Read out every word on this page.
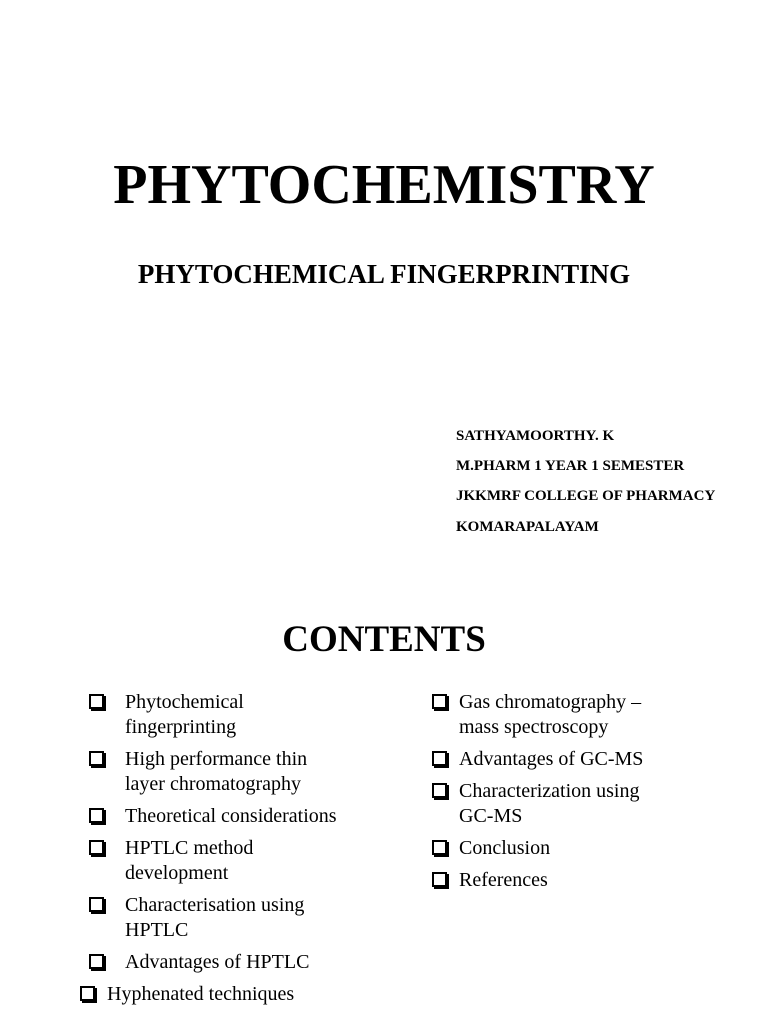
PHYTOCHEMISTRY
PHYTOCHEMICAL FINGERPRINTING
SATHYAMOORTHY. K
M.PHARM 1 YEAR 1 SEMESTER
JKKMRF COLLEGE OF PHARMACY
KOMARAPALAYAM
CONTENTS
Phytochemical fingerprinting
High performance thin layer chromatography
Theoretical considerations
HPTLC method development
Characterisation using HPTLC
Advantages of HPTLC
Hyphenated techniques
Gas chromatography – mass spectroscopy
Advantages of GC-MS
Characterization using GC-MS
Conclusion
References
